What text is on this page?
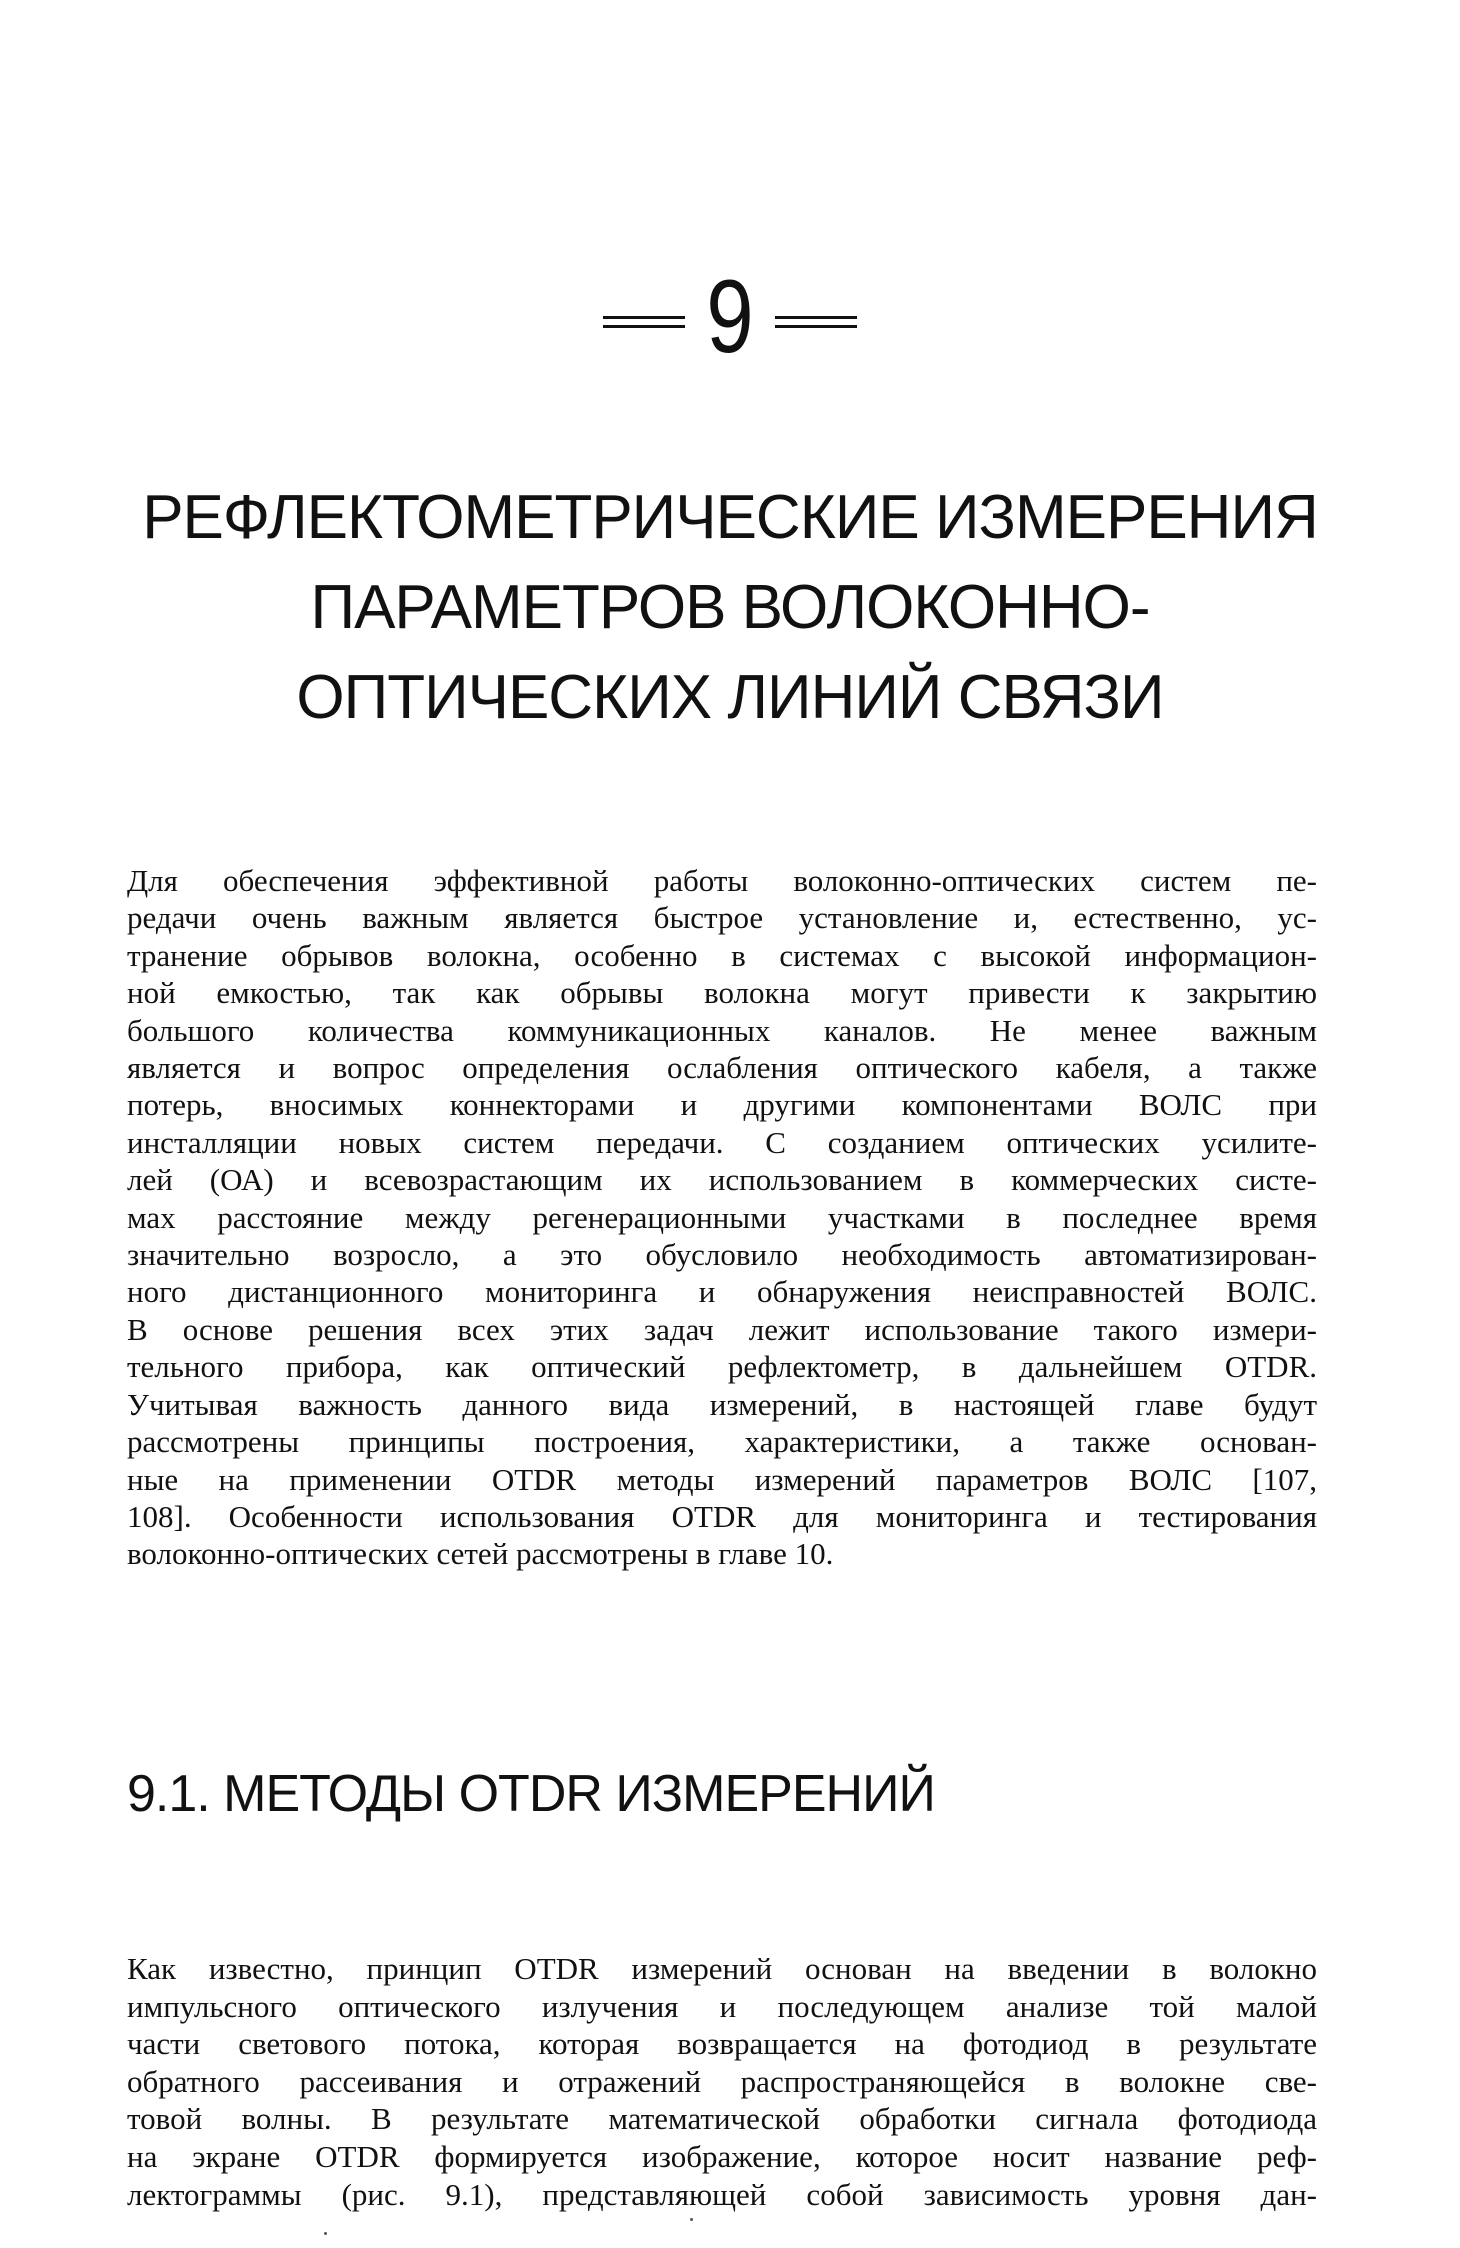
9
РЕФЛЕКТОМЕТРИЧЕСКИЕ ИЗМЕРЕНИЯ
ПАРАМЕТРОВ ВОЛОКОННО-
ОПТИЧЕСКИХ ЛИНИЙ СВЯЗИ

Для обеспечения эффективной работы волоконно-оптических систем пе-
редачи очень важным является быстрое установление и, естественно, ус-
транение обрывов волокна, особенно в системах с высокой информацион-
ной емкостью, так как обрывы волокна могут привести к закрытию
большого количества коммуникационных каналов. Не менее важным
является и вопрос определения ослабления оптического кабеля, а также
потерь, вносимых коннекторами и другими компонентами ВОЛС при
инсталляции новых систем передачи. С созданием оптических усилите-
лей (ОА) и всевозрастающим их использованием в коммерческих систе-
мах расстояние между регенерационными участками в последнее время
значительно возросло, а это обусловило необходимость автоматизирован-
ного дистанционного мониторинга и обнаружения неисправностей ВОЛС.
В основе решения всех этих задач лежит использование такого измери-
тельного прибора, как оптический рефлектометр, в дальнейшем OTDR.
Учитывая важность данного вида измерений, в настоящей главе будут
рассмотрены принципы построения, характеристики, а также основан-
ные на применении OTDR методы измерений параметров ВОЛС [107,
108]. Особенности использования OTDR для мониторинга и тестирования
волоконно-оптических сетей рассмотрены в главе 10.

9.1. МЕТОДЫ OTDR ИЗМЕРЕНИЙ

Как известно, принцип OTDR измерений основан на введении в волокно
импульсного оптического излучения и последующем анализе той малой
части светового потока, которая возвращается на фотодиод в результате
обратного рассеивания и отражений распространяющейся в волокне све-
товой волны. В результате математической обработки сигнала фотодиода
на экране OTDR формируется изображение, которое носит название реф-
лектограммы (рис. 9.1), представляющей собой зависимость уровня дан-
